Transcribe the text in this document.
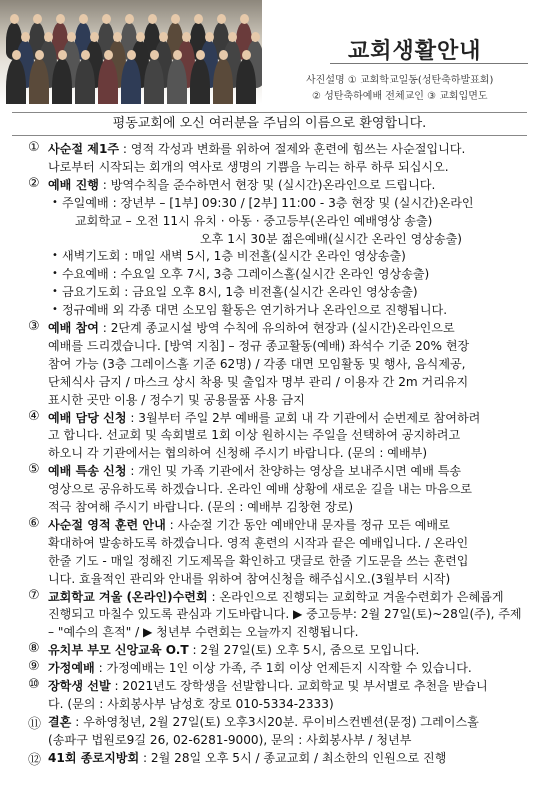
교회생활안내
사진설명 ① 교회학교일동(성탄축하발표회)
② 성탄축하예배 전체교인 ③ 교회입면도
평동교회에 오신 여러분을 주님의 이름으로 환영합니다.
① 사순절 제1주 : 영적 각성과 변화를 위하여 절제와 훈련에 힘쓰는 사순절입니다.
나로부터 시작되는 회개의 역사로 생명의 기쁨을 누리는 하루 하루 되십시오.
② 예배 진행 : 방역수칙을 준수하면서 현장 및 (실시간)온라인으로 드립니다.
• 주일예배 : 장년부 – [1부] 09:30 / [2부] 11:00 - 3층 현장 및 (실시간)온라인
교회학교 – 오전 11시 유치 · 아동 · 중고등부(온라인 예배영상 송출)
오후 1시 30분 젊은예배(실시간 온라인 영상송출)
• 새벽기도회 : 매일 새벽 5시, 1층 비전홀(실시간 온라인 영상송출)
• 수요예배 : 수요일 오후 7시, 3층 그레이스홀(실시간 온라인 영상송출)
• 금요기도회 : 금요일 오후 8시, 1층 비전홀(실시간 온라인 영상송출)
• 정규예배 외 각종 대면 소모임 활동은 연기하거나 온라인으로 진행됩니다.
③ 예배 참여 : 2단계 종교시설 방역 수칙에 유의하여 현장과 (실시간)온라인으로
예배를 드리겠습니다. [방역 지침] – 정규 종교활동(예배) 좌석수 기준 20% 현장
참여 가능 (3층 그레이스홀 기준 62명) / 각종 대면 모임활동 및 행사, 음식제공,
단체식사 금지 / 마스크 상시 착용 및 출입자 명부 관리 / 이용자 간 2m 거리유지
표시한 곳만 이용 / 정수기 및 공용물품 사용 금지
④ 예배 담당 신청 : 3월부터 주일 2부 예배를 교회 내 각 기관에서 순번제로 참여하려
고 합니다. 선교회 및 속회별로 1회 이상 원하시는 주일을 선택하여 공지하려고
하오니 각 기관에서는 협의하여 신청해 주시기 바랍니다. (문의 : 예배부)
⑤ 예배 특송 신청 : 개인 및 가족 기관에서 찬양하는 영상을 보내주시면 예배 특송
영상으로 공유하도록 하겠습니다. 온라인 예배 상황에 새로운 길을 내는 마음으로
적극 참여해 주시기 바랍니다. (문의 : 예배부 김창현 장로)
⑥ 사순절 영적 훈련 안내 : 사순절 기간 동안 예배안내 문자를 정규 모든 예배로
확대하여 발송하도록 하겠습니다. 영적 훈련의 시작과 끝은 예배입니다. / 온라인
한줄 기도 - 매일 정해진 기도제목을 확인하고 댓글로 한줄 기도문을 쓰는 훈련입
니다. 효율적인 관리와 안내를 위하여 참여신청을 해주십시오.(3월부터 시작)
⑦ 교회학교 겨울 (온라인)수련회 : 온라인으로 진행되는 교회학교 겨울수련회가 은혜롭게
진행되고 마칠수 있도록 관심과 기도바랍니다. ▶ 중고등부: 2월 27일(토)~28일(주), 주제
– "예수의 흔적" / ▶ 청년부 수련회는 오늘까지 진행됩니다.
⑧ 유치부 부모 신앙교육 O.T : 2월 27일(토) 오후 5시, 줌으로 모입니다.
⑨ 가정예배 : 가정예배는 1인 이상 가족, 주 1회 이상 언제든지 시작할 수 있습니다.
⑩ 장학생 선발 : 2021년도 장학생을 선발합니다. 교회학교 및 부서별로 추천을 받습니
다. (문의 : 사회봉사부 남성호 장로 010-5334-2333)
⑪ 결혼 : 우하영청년, 2월 27일(토) 오후3시20분. 루이비스컨벤션(문정) 그레이스홀
(송파구 법원로9길 26, 02-6281-9000), 문의 : 사회봉사부 / 청년부
⑫ 41회 종로지방회 : 2월 28일 오후 5시 / 종교교회 / 최소한의 인원으로 진행
